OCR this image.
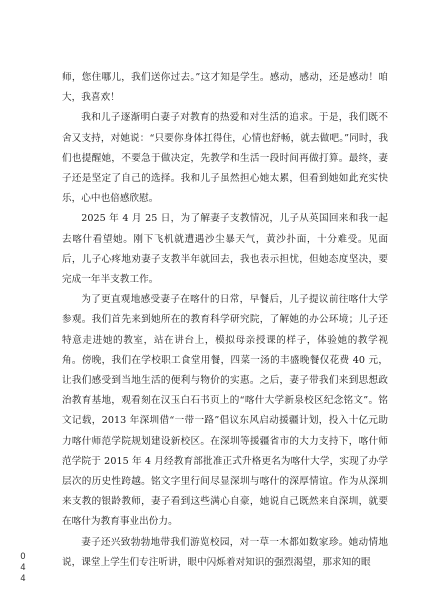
师，您住哪儿，我们送你过去。”这才知是学生。感动，感动，还是感动！咱大，我喜欢！

我和儿子逐渐明白妻子对教育的热爱和对生活的追求。于是，我们既不舍又支持，对她说：“只要你身体扛得住，心情也舒畅，就去做吧。”同时，我们也提醒她，不要急于做决定，先教学和生活一段时间再做打算。最终，妻子还是坚定了自己的选择。我和儿子虽然担心她太累，但看到她如此充实快乐，心中也倍感欣慰。

2025 年 4 月 25 日，为了解妻子支教情况，儿子从英国回来和我一起去喀什看望她。刚下飞机就遭遇沙尘暴天气，黄沙扑面，十分难受。见面后，儿子心疼地劝妻子支教半年就回去，我也表示担忧，但她态度坚决，要完成一年半支教工作。

为了更直观地感受妻子在喀什的日常，早餐后，儿子提议前往喀什大学参观。我们首先来到她所在的教育科学研究院，了解她的办公环境；儿子还特意走进她的教室，站在讲台上，模拟母亲授课的样子，体验她的教学视角。傍晚，我们在学校职工食堂用餐，四菜一汤的丰盛晚餐仅花费 40 元，让我们感受到当地生活的便利与物价的实惠。之后，妻子带我们来到思想政治教育基地，观看刻在汉玉白石书页上的“喀什大学新泉校区纪念铭文”。铭文记载，2013 年深圳借“一带一路”倡议东风启动援疆计划，投入十亿元助力喀什师范学院规划建设新校区。在深圳等援疆省市的大力支持下，喀什师范学院于 2015 年 4 月经教育部批准正式升格更名为喀什大学，实现了办学层次的历史性跨越。铭文字里行间尽显深圳与喀什的深厚情谊。作为从深圳来支教的银龄教师，妻子看到这些满心自豪，她说自己既然来自深圳，就要在喀什为教育事业出份力。

妻子还兴致勃勃地带我们游览校园，对一草一木都如数家珍。她动情地说，课堂上学生们专注听讲，眼中闪烁着对知识的强烈渴望，那求知的眼

0
4
4
